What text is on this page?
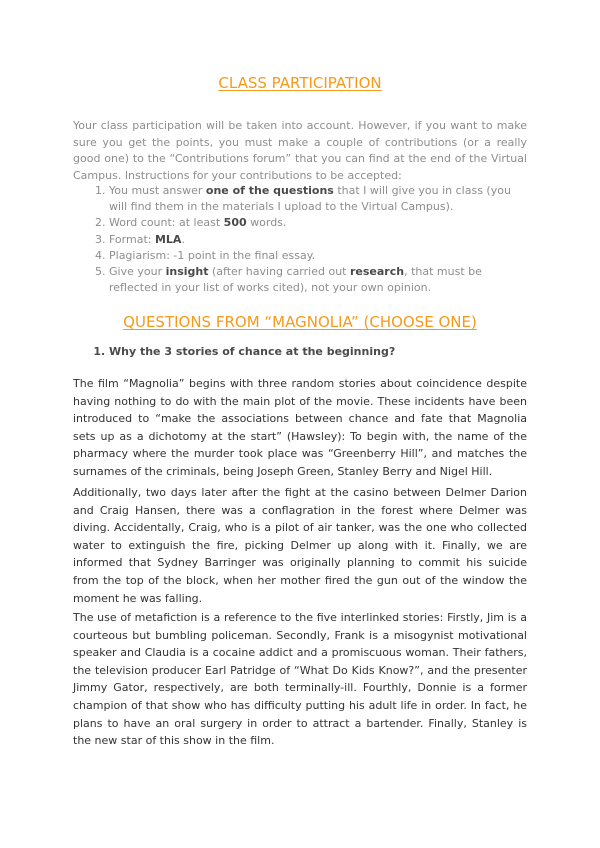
CLASS PARTICIPATION

Your class participation will be taken into account. However, if you want to make sure you get the points, you must make a couple of contributions (or a really good one) to the “Contributions forum” that you can find at the end of the Virtual Campus. Instructions for your contributions to be accepted:

1. You must answer one of the questions that I will give you in class (you will find them in the materials I upload to the Virtual Campus).
2. Word count: at least 500 words.
3. Format: MLA.
4. Plagiarism: -1 point in the final essay.
5. Give your insight (after having carried out research, that must be reflected in your list of works cited), not your own opinion.
QUESTIONS FROM “MAGNOLIA” (CHOOSE ONE)
1. Why the 3 stories of chance at the beginning?

The film “Magnolia” begins with three random stories about coincidence despite having nothing to do with the main plot of the movie. These incidents have been introduced to “make the associations between chance and fate that Magnolia sets up as a dichotomy at the start” (Hawsley): To begin with, the name of the pharmacy where the murder took place was “Greenberry Hill”, and matches the surnames of the criminals, being Joseph Green, Stanley Berry and Nigel Hill.

Additionally, two days later after the fight at the casino between Delmer Darion and Craig Hansen, there was a conflagration in the forest where Delmer was diving. Accidentally, Craig, who is a pilot of air tanker, was the one who collected water to extinguish the fire, picking Delmer up along with it. Finally, we are informed that Sydney Barringer was originally planning to commit his suicide from the top of the block, when her mother fired the gun out of the window the moment he was falling.

The use of metafiction is a reference to the five interlinked stories: Firstly, Jim is a courteous but bumbling policeman. Secondly, Frank is a misogynist motivational speaker and Claudia is a cocaine addict and a promiscuous woman. Their fathers, the television producer Earl Patridge of “What Do Kids Know?”, and the presenter Jimmy Gator, respectively, are both terminally-ill. Fourthly, Donnie is a former champion of that show who has difficulty putting his adult life in order. In fact, he plans to have an oral surgery in order to attract a bartender. Finally, Stanley is the new star of this show in the film.
